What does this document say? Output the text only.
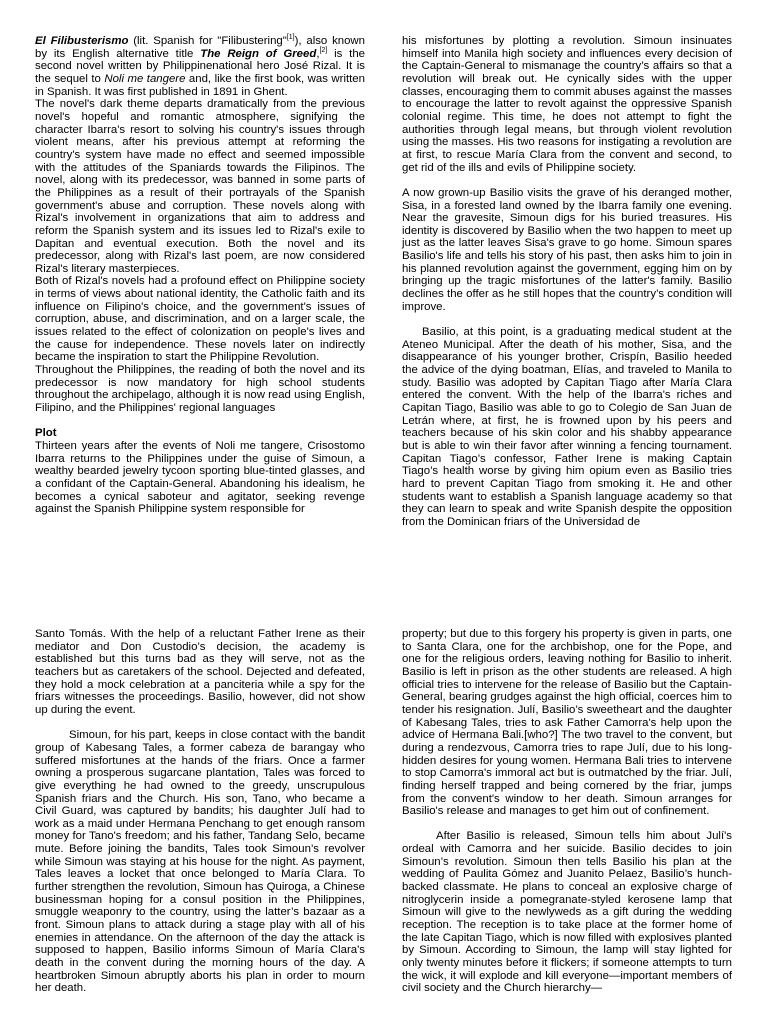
El Filibusterismo (lit. Spanish for "Filibustering"[1]), also known by its English alternative title The Reign of Greed,[2] is the second novel written by Philippinenational hero José Rizal. It is the sequel to Noli me tangere and, like the first book, was written in Spanish. It was first published in 1891 in Ghent.

The novel's dark theme departs dramatically from the previous novel's hopeful and romantic atmosphere, signifying the character Ibarra's resort to solving his country's issues through violent means, after his previous attempt at reforming the country's system have made no effect and seemed impossible with the attitudes of the Spaniards towards the Filipinos. The novel, along with its predecessor, was banned in some parts of the Philippines as a result of their portrayals of the Spanish government's abuse and corruption. These novels along with Rizal's involvement in organizations that aim to address and reform the Spanish system and its issues led to Rizal's exile to Dapitan and eventual execution. Both the novel and its predecessor, along with Rizal's last poem, are now considered Rizal's literary masterpieces.

Both of Rizal's novels had a profound effect on Philippine society in terms of views about national identity, the Catholic faith and its influence on Filipino's choice, and the government's issues of corruption, abuse, and discrimination, and on a larger scale, the issues related to the effect of colonization on people's lives and the cause for independence. These novels later on indirectly became the inspiration to start the Philippine Revolution.

Throughout the Philippines, the reading of both the novel and its predecessor is now mandatory for high school students throughout the archipelago, although it is now read using English, Filipino, and the Philippines' regional languages

Plot

Thirteen years after the events of Noli me tangere, Crisostomo Ibarra returns to the Philippines under the guise of Simoun, a wealthy bearded jewelry tycoon sporting blue-tinted glasses, and a confidant of the Captain-General. Abandoning his idealism, he becomes a cynical saboteur and agitator, seeking revenge against the Spanish Philippine system responsible for

his misfortunes by plotting a revolution. Simoun insinuates himself into Manila high society and influences every decision of the Captain-General to mismanage the country’s affairs so that a revolution will break out. He cynically sides with the upper classes, encouraging them to commit abuses against the masses to encourage the latter to revolt against the oppressive Spanish colonial regime. This time, he does not attempt to fight the authorities through legal means, but through violent revolution using the masses. His two reasons for instigating a revolution are at first, to rescue María Clara from the convent and second, to get rid of the ills and evils of Philippine society.

A now grown-up Basilio visits the grave of his deranged mother, Sisa, in a forested land owned by the Ibarra family one evening. Near the gravesite, Simoun digs for his buried treasures. His identity is discovered by Basilio when the two happen to meet up just as the latter leaves Sisa's grave to go home. Simoun spares Basilio's life and tells his story of his past, then asks him to join in his planned revolution against the government, egging him on by bringing up the tragic misfortunes of the latter's family. Basilio declines the offer as he still hopes that the country’s condition will improve.

Basilio, at this point, is a graduating medical student at the Ateneo Municipal. After the death of his mother, Sisa, and the disappearance of his younger brother, Crispín, Basilio heeded the advice of the dying boatman, Elías, and traveled to Manila to study. Basilio was adopted by Capitan Tiago after María Clara entered the convent. With the help of the Ibarra's riches and Capitan Tiago, Basilio was able to go to Colegio de San Juan de Letrán where, at first, he is frowned upon by his peers and teachers because of his skin color and his shabby appearance but is able to win their favor after winning a fencing tournament. Capitan Tiago’s confessor, Father Irene is making Captain Tiago’s health worse by giving him opium even as Basilio tries hard to prevent Capitan Tiago from smoking it. He and other students want to establish a Spanish language academy so that they can learn to speak and write Spanish despite the opposition from the Dominican friars of the Universidad de

Santo Tomás. With the help of a reluctant Father Irene as their mediator and Don Custodio’s decision, the academy is established but this turns bad as they will serve, not as the teachers but as caretakers of the school. Dejected and defeated, they hold a mock celebration at a panciteria while a spy for the friars witnesses the proceedings. Basilio, however, did not show up during the event.

Simoun, for his part, keeps in close contact with the bandit group of Kabesang Tales, a former cabeza de barangay who suffered misfortunes at the hands of the friars. Once a farmer owning a prosperous sugarcane plantation, Tales was forced to give everything he had owned to the greedy, unscrupulous Spanish friars and the Church. His son, Tano, who became a Civil Guard, was captured by bandits; his daughter Julí had to work as a maid under Hermana Penchang to get enough ransom money for Tano's freedom; and his father, Tandang Selo, became mute. Before joining the bandits, Tales took Simoun’s revolver while Simoun was staying at his house for the night. As payment, Tales leaves a locket that once belonged to María Clara. To further strengthen the revolution, Simoun has Quiroga, a Chinese businessman hoping for a consul position in the Philippines, smuggle weaponry to the country, using the latter’s bazaar as a front. Simoun plans to attack during a stage play with all of his enemies in attendance. On the afternoon of the day the attack is supposed to happen, Basilio informs Simoun of María Clara's death in the convent during the morning hours of the day. A heartbroken Simoun abruptly aborts his plan in order to mourn her death.

property; but due to this forgery his property is given in parts, one to Santa Clara, one for the archbishop, one for the Pope, and one for the religious orders, leaving nothing for Basilio to inherit. Basilio is left in prison as the other students are released. A high official tries to intervene for the release of Basilio but the Captain-General, bearing grudges against the high official, coerces him to tender his resignation. Julí, Basilio’s sweetheart and the daughter of Kabesang Tales, tries to ask Father Camorra's help upon the advice of Hermana Bali.[who?] The two travel to the convent, but during a rendezvous, Camorra tries to rape Julí, due to his long-hidden desires for young women. Hermana Bali tries to intervene to stop Camorra's immoral act but is outmatched by the friar. Julí, finding herself trapped and being cornered by the friar, jumps from the convent's window to her death. Simoun arranges for Basilio's release and manages to get him out of confinement.

After Basilio is released, Simoun tells him about Julí's ordeal with Camorra and her suicide. Basilio decides to join Simoun’s revolution. Simoun then tells Basilio his plan at the wedding of Paulita Gómez and Juanito Pelaez, Basilio’s hunch-backed classmate. He plans to conceal an explosive charge of nitroglycerin inside a pomegranate-styled kerosene lamp that Simoun will give to the newlyweds as a gift during the wedding reception. The reception is to take place at the former home of the late Capitan Tiago, which is now filled with explosives planted by Simoun. According to Simoun, the lamp will stay lighted for only twenty minutes before it flickers; if someone attempts to turn the wick, it will explode and kill everyone—important members of civil society and the Church hierarchy—
